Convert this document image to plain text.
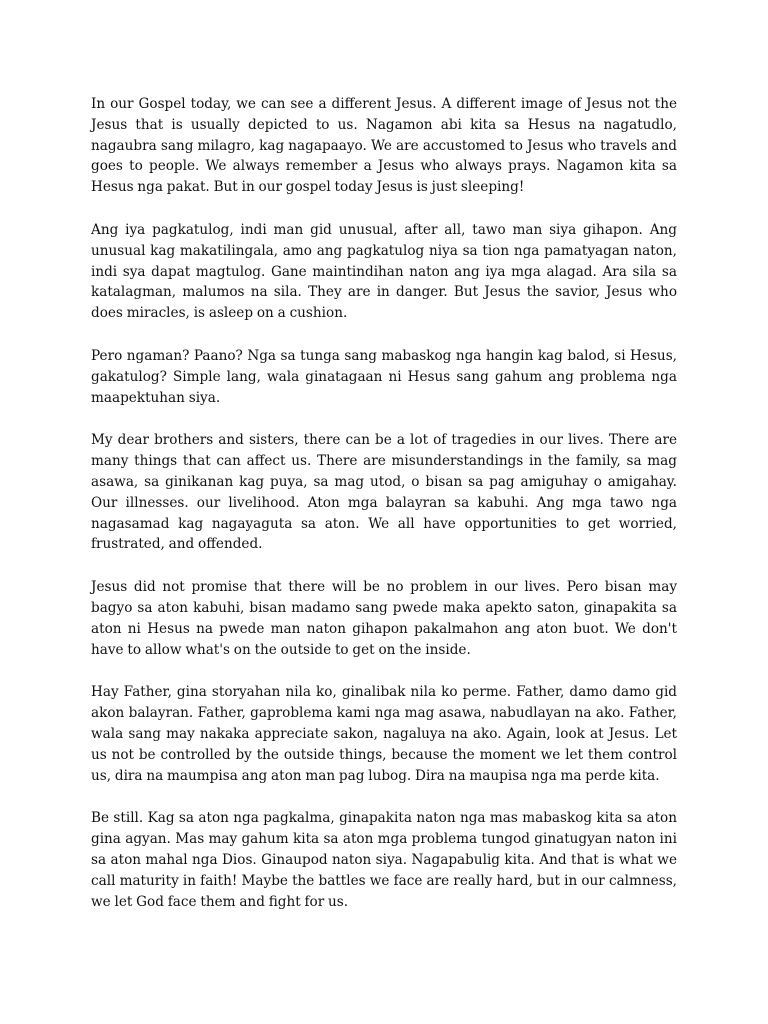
In our Gospel today, we can see a different Jesus. A different image of Jesus not the Jesus that is usually depicted to us. Nagamon abi kita sa Hesus na nagatudlo, nagaubra sang milagro, kag nagapaayo. We are accustomed to Jesus who travels and goes to people. We always remember a Jesus who always prays. Nagamon kita sa Hesus nga pakat. But in our gospel today Jesus is just sleeping!

Ang iya pagkatulog, indi man gid unusual, after all, tawo man siya gihapon. Ang unusual kag makatilingala, amo ang pagkatulog niya sa tion nga pamatyagan naton, indi sya dapat magtulog. Gane maintindihan naton ang iya mga alagad. Ara sila sa katalagman, malumos na sila. They are in danger. But Jesus the savior, Jesus who does miracles, is asleep on a cushion.

Pero ngaman? Paano? Nga sa tunga sang mabaskog nga hangin kag balod, si Hesus, gakatulog? Simple lang, wala ginatagaan ni Hesus sang gahum ang problema nga maapektuhan siya.

My dear brothers and sisters, there can be a lot of tragedies in our lives. There are many things that can affect us. There are misunderstandings in the family, sa mag asawa, sa ginikanan kag puya, sa mag utod, o bisan sa pag amiguhay o amigahay. Our illnesses. our livelihood. Aton mga balayran sa kabuhi. Ang mga tawo nga nagasamad kag nagayaguta sa aton. We all have opportunities to get worried, frustrated, and offended.

Jesus did not promise that there will be no problem in our lives. Pero bisan may bagyo sa aton kabuhi, bisan madamo sang pwede maka apekto saton, ginapakita sa aton ni Hesus na pwede man naton gihapon pakalmahon ang aton buot. We don't have to allow what's on the outside to get on the inside.

Hay Father, gina storyahan nila ko, ginalibak nila ko perme. Father, damo damo gid akon balayran. Father, gaproblema kami nga mag asawa, nabudlayan na ako. Father, wala sang may nakaka appreciate sakon, nagaluya na ako. Again, look at Jesus. Let us not be controlled by the outside things, because the moment we let them control us, dira na maumpisa ang aton man pag lubog. Dira na maupisa nga ma perde kita.

Be still. Kag sa aton nga pagkalma, ginapakita naton nga mas mabaskog kita sa aton gina agyan. Mas may gahum kita sa aton mga problema tungod ginatugyan naton ini sa aton mahal nga Dios. Ginaupod naton siya. Nagapabulig kita. And that is what we call maturity in faith! Maybe the battles we face are really hard, but in our calmness, we let God face them and fight for us.
